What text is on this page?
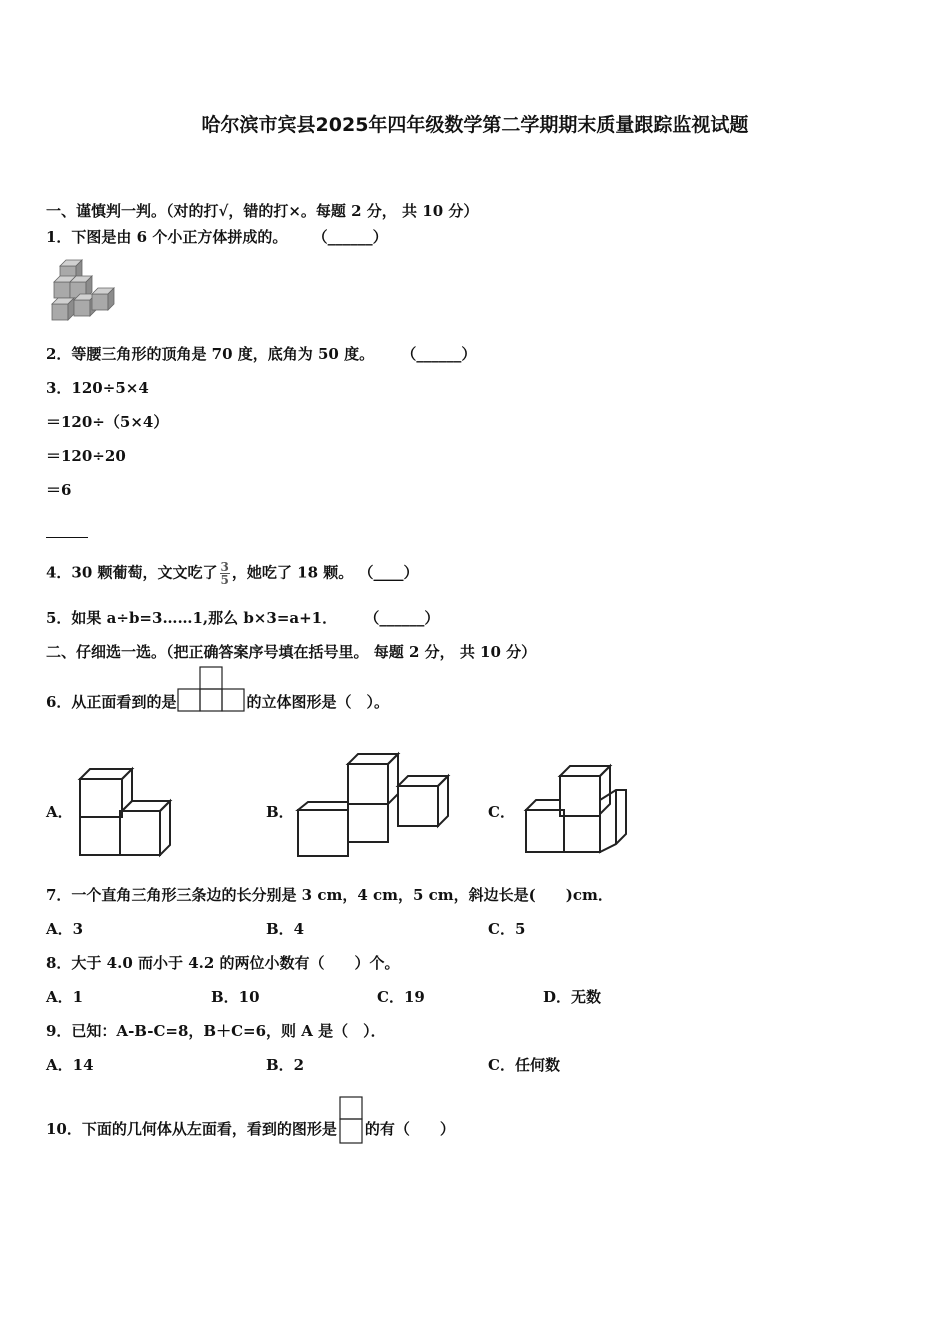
哈尔滨市宾县2025年四年级数学第二学期期末质量跟踪监视试题
一、谨慎判一判。（对的打√，错的打×。每题 2 分， 共 10 分）
1．下图是由 6 个小正方体拼成的。 （______）
2．等腰三角形的顶角是 70 度，底角为 50 度。 （______）
3．120÷5×4
＝120÷（5×4）
＝120÷20
＝6
4．30 颗葡萄，文文吃了 $\frac{3}{5}$ ，她吃了 18 颗。 （____）
5．如果 a÷b=3……1,那么 b×3=a+1． （______）
二、仔细选一选。（把正确答案序号填在括号里。 每题 2 分， 共 10 分）
6．从正面看到的是	的立体图形是（　）。
A．	B．	C．
7．一个直角三角形三条边的长分别是 3 cm，4 cm，5 cm，斜边长是(　　)cm．
A．3	B．4	C．5
8．大于 4.0 而小于 4.2 的两位小数有（　　）个。
A．1	B．10	C．19	D．无数
9．已知：A-B-C=8，B＋C=6，则 A 是（　）．
A．14	B．2	C．任何数
10．下面的几何体从左面看，看到的图形是 的有（　　）
